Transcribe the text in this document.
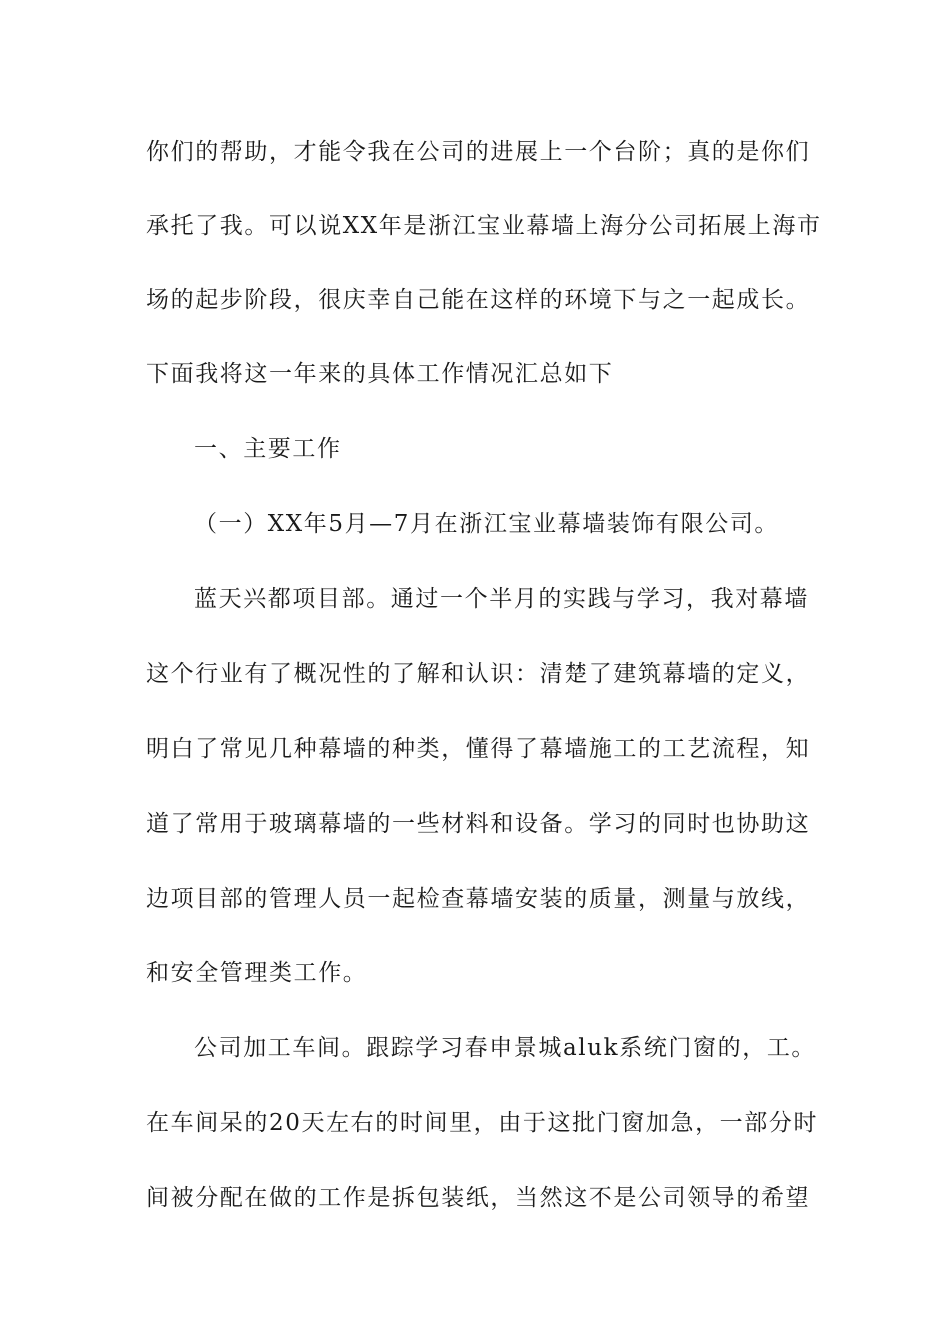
你们的帮助，才能令我在公司的进展上一个台阶；真的是你们
承托了我。可以说XX年是浙江宝业幕墙上海分公司拓展上海市
场的起步阶段，很庆幸自己能在这样的环境下与之一起成长。
下面我将这一年来的具体工作情况汇总如下
一、主要工作
（一）XX年5月—7月在浙江宝业幕墙装饰有限公司。
蓝天兴都项目部。通过一个半月的实践与学习，我对幕墙
这个行业有了概况性的了解和认识：清楚了建筑幕墙的定义，
明白了常见几种幕墙的种类，懂得了幕墙施工的工艺流程，知
道了常用于玻璃幕墙的一些材料和设备。学习的同时也协助这
边项目部的管理人员一起检查幕墙安装的质量，测量与放线，
和安全管理类工作。
公司加工车间。跟踪学习春申景城aluk系统门窗的，工。
在车间呆的20天左右的时间里，由于这批门窗加急，一部分时
间被分配在做的工作是拆包装纸，当然这不是公司领导的希望
